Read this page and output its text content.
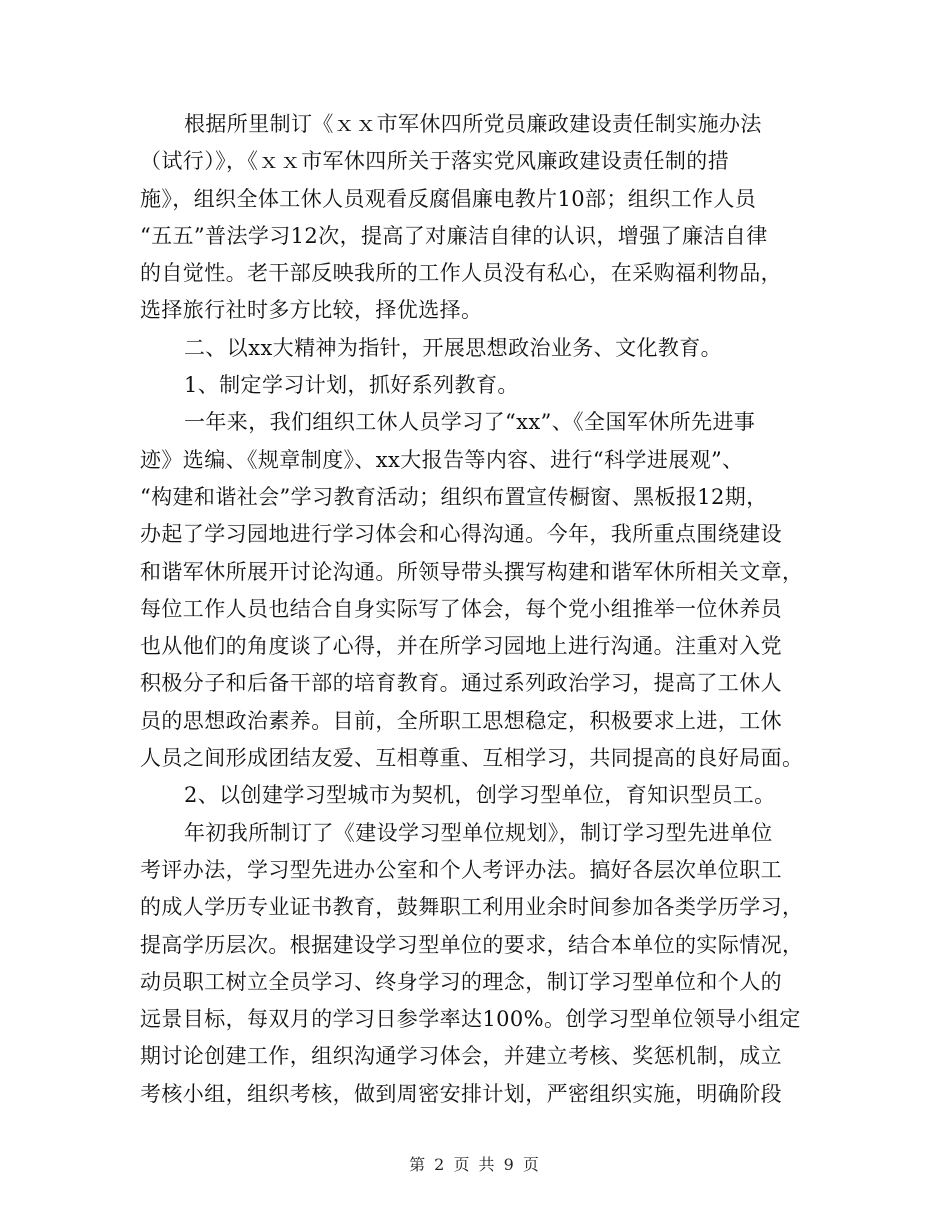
根据所里制订《ｘｘ市军休四所党员廉政建设责任制实施办法
（试行）》，《ｘｘ市军休四所关于落实党风廉政建设责任制的措
施》，组织全体工休人员观看反腐倡廉电教片10部；组织工作人员
“五五”普法学习12次，提高了对廉洁自律的认识，增强了廉洁自律
的自觉性。老干部反映我所的工作人员没有私心，在采购福利物品，
选择旅行社时多方比较，择优选择。
二、以xx大精神为指针，开展思想政治业务、文化教育。
1、制定学习计划，抓好系列教育。
一年来，我们组织工休人员学习了“xx”、《全国军休所先进事
迹》选编、《规章制度》、xx大报告等内容、进行“科学进展观”、
“构建和谐社会”学习教育活动；组织布置宣传橱窗、黑板报12期，
办起了学习园地进行学习体会和心得沟通。今年，我所重点围绕建设
和谐军休所展开讨论沟通。所领导带头撰写构建和谐军休所相关文章，
每位工作人员也结合自身实际写了体会，每个党小组推举一位休养员
也从他们的角度谈了心得，并在所学习园地上进行沟通。注重对入党
积极分子和后备干部的培育教育。通过系列政治学习，提高了工休人
员的思想政治素养。目前，全所职工思想稳定，积极要求上进，工休
人员之间形成团结友爱、互相尊重、互相学习，共同提高的良好局面。
2、以创建学习型城市为契机，创学习型单位，育知识型员工。
年初我所制订了《建设学习型单位规划》，制订学习型先进单位
考评办法，学习型先进办公室和个人考评办法。搞好各层次单位职工
的成人学历专业证书教育，鼓舞职工利用业余时间参加各类学历学习，
提高学历层次。根据建设学习型单位的要求，结合本单位的实际情况，
动员职工树立全员学习、终身学习的理念，制订学习型单位和个人的
远景目标，每双月的学习日参学率达100%。创学习型单位领导小组定
期讨论创建工作，组织沟通学习体会，并建立考核、奖惩机制，成立
考核小组，组织考核，做到周密安排计划，严密组织实施，明确阶段
第 2 页 共 9 页
